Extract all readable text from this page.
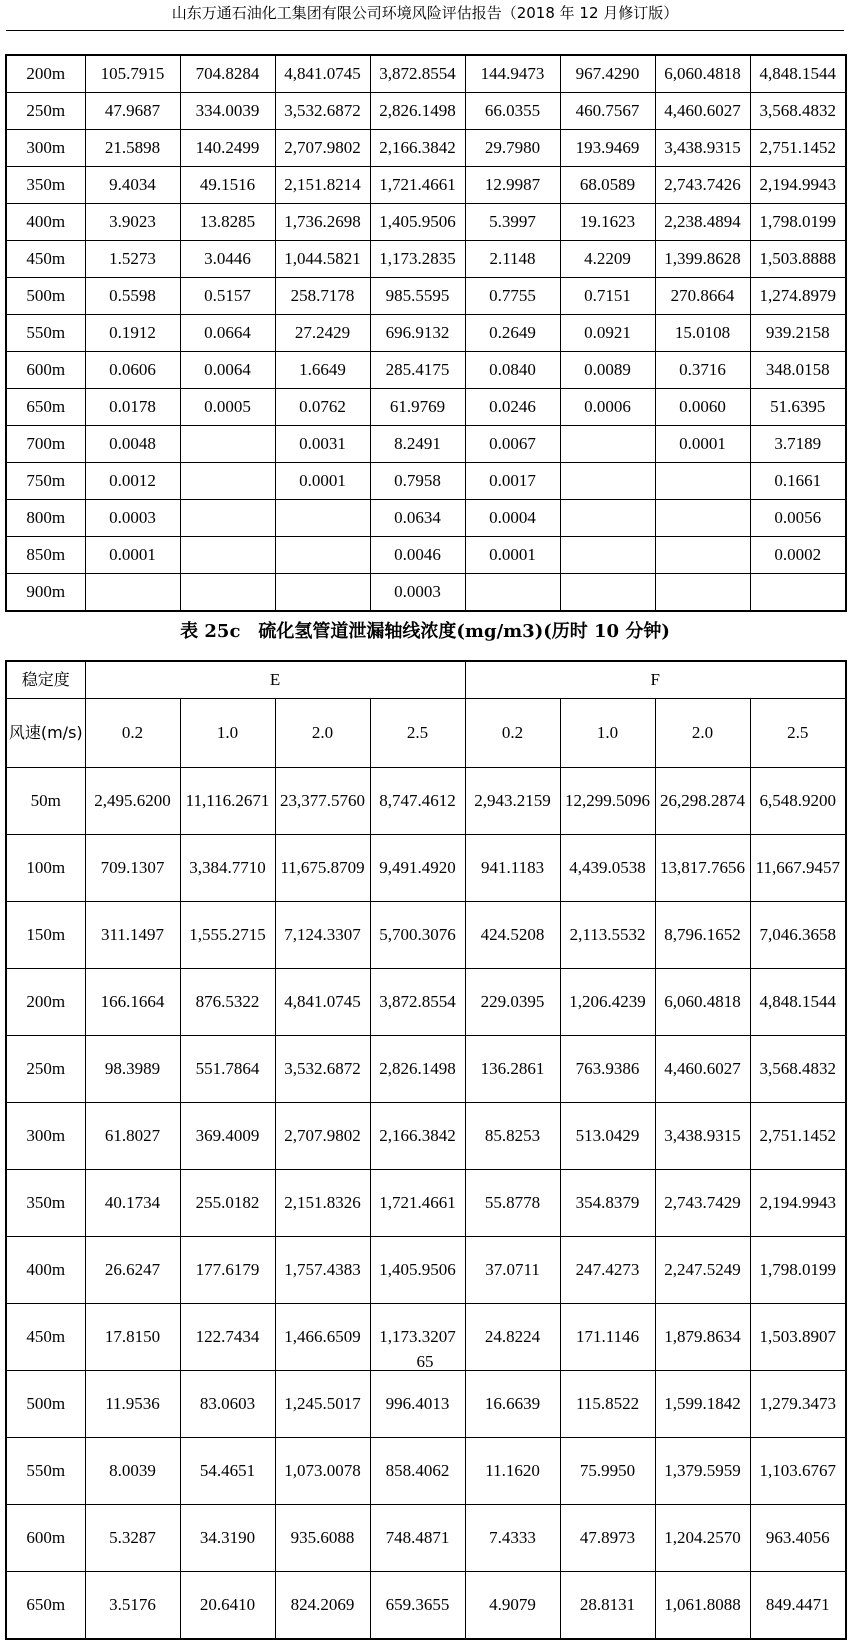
山东万通石油化工集团有限公司环境风险评估报告（2018 年 12 月修订版）
200m	105.7915	704.8284	4,841.0745	3,872.8554	144.9473	967.4290	6,060.4818	4,848.1544

250m	47.9687	334.0039	3,532.6872	2,826.1498	66.0355	460.7567	4,460.6027	3,568.4832

300m	21.5898	140.2499	2,707.9802	2,166.3842	29.7980	193.9469	3,438.9315	2,751.1452

350m	9.4034	49.1516	2,151.8214	1,721.4661	12.9987	68.0589	2,743.7426	2,194.9943

400m	3.9023	13.8285	1,736.2698	1,405.9506	5.3997	19.1623	2,238.4894	1,798.0199

450m	1.5273	3.0446	1,044.5821	1,173.2835	2.1148	4.2209	1,399.8628	1,503.8888

500m	0.5598	0.5157	258.7178	985.5595	0.7755	0.7151	270.8664	1,274.8979

550m	0.1912	0.0664	27.2429	696.9132	0.2649	0.0921	15.0108	939.2158

600m	0.0606	0.0064	1.6649	285.4175	0.0840	0.0089	0.3716	348.0158

650m	0.0178	0.0005	0.0762	61.9769	0.0246	0.0006	0.0060	51.6395

700m	0.0048		0.0031	8.2491	0.0067		0.0001	3.7189

750m	0.0012		0.0001	0.7958	0.0017			0.1661

800m	0.0003			0.0634	0.0004			0.0056

850m	0.0001			0.0046	0.0001			0.0002

900m				0.0003				

表 25c　硫化氢管道泄漏轴线浓度(mg/m3)(历时 10 分钟)
稳定度	E				F			

风速(m/s)	0.2	1.0	2.0	2.5	0.2	1.0	2.0	2.5

50m	2,495.6200	11,116.2671	23,377.5760	8,747.4612	2,943.2159	12,299.5096	26,298.2874	6,548.9200

100m	709.1307	3,384.7710	11,675.8709	9,491.4920	941.1183	4,439.0538	13,817.7656	11,667.9457

150m	311.1497	1,555.2715	7,124.3307	5,700.3076	424.5208	2,113.5532	8,796.1652	7,046.3658

200m	166.1664	876.5322	4,841.0745	3,872.8554	229.0395	1,206.4239	6,060.4818	4,848.1544

250m	98.3989	551.7864	3,532.6872	2,826.1498	136.2861	763.9386	4,460.6027	3,568.4832

300m	61.8027	369.4009	2,707.9802	2,166.3842	85.8253	513.0429	3,438.9315	2,751.1452

350m	40.1734	255.0182	2,151.8326	1,721.4661	55.8778	354.8379	2,743.7429	2,194.9943

400m	26.6247	177.6179	1,757.4383	1,405.9506	37.0711	247.4273	2,247.5249	1,798.0199

450m	17.8150	122.7434	1,466.6509	1,173.3207	24.8224	171.1146	1,879.8634	1,503.8907

500m	11.9536	83.0603	1,245.5017	996.4013	16.6639	115.8522	1,599.1842	1,279.3473

550m	8.0039	54.4651	1,073.0078	858.4062	11.1620	75.9950	1,379.5959	1,103.6767

600m	5.3287	34.3190	935.6088	748.4871	7.4333	47.8973	1,204.2570	963.4056

650m	3.5176	20.6410	824.2069	659.3655	4.9079	28.8131	1,061.8088	849.4471
65
